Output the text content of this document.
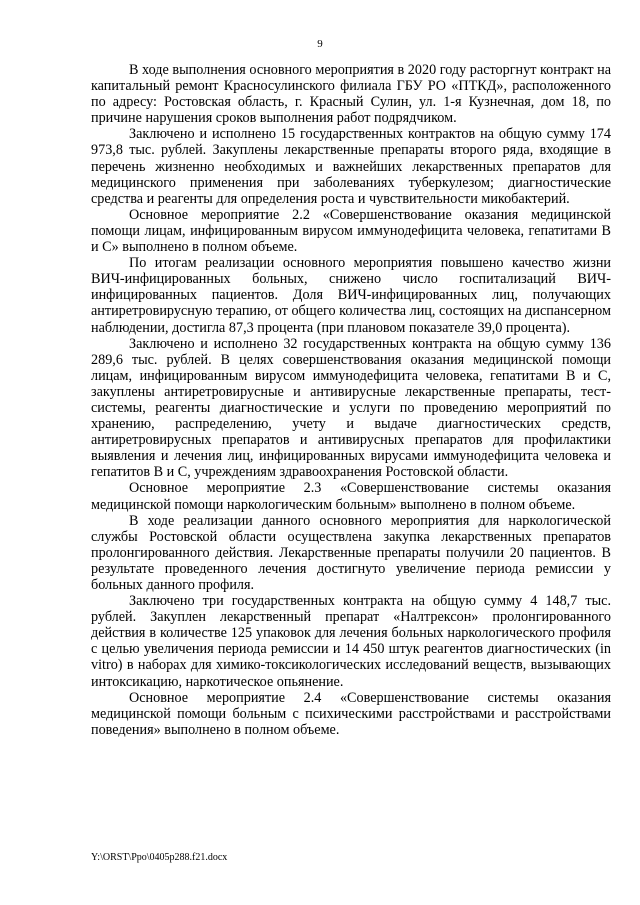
9

В ходе выполнения основного мероприятия в 2020 году расторгнут контракт на капитальный ремонт Красносулинского филиала ГБУ РО «ПТКД», расположенного по адресу: Ростовская область, г. Красный Сулин, ул. 1-я Кузнечная, дом 18, по причине нарушения сроков выполнения работ подрядчиком.

Заключено и исполнено 15 государственных контрактов на общую сумму 174 973,8 тыс. рублей. Закуплены лекарственные препараты второго ряда, входящие в перечень жизненно необходимых и важнейших лекарственных препаратов для медицинского применения при заболеваниях туберкулезом; диагностические средства и реагенты для определения роста и чувствительности микобактерий.

Основное мероприятие 2.2 «Совершенствование оказания медицинской помощи лицам, инфицированным вирусом иммунодефицита человека, гепатитами B и C» выполнено в полном объеме.

По итогам реализации основного мероприятия повышено качество жизни ВИЧ-инфицированных больных, снижено число госпитализаций ВИЧ-инфицированных пациентов. Доля ВИЧ-инфицированных лиц, получающих антиретровирусную терапию, от общего количества лиц, состоящих на диспансерном наблюдении, достигла 87,3 процента (при плановом показателе 39,0 процента).

Заключено и исполнено 32 государственных контракта на общую сумму 136 289,6 тыс. рублей. В целях совершенствования оказания медицинской помощи лицам, инфицированным вирусом иммунодефицита человека, гепатитами B и C, закуплены антиретровирусные и антивирусные лекарственные препараты, тест-системы, реагенты диагностические и услуги по проведению мероприятий по хранению, распределению, учету и выдаче диагностических средств, антиретровирусных препаратов и антивирусных препаратов для профилактики выявления и лечения лиц, инфицированных вирусами иммунодефицита человека и гепатитов B и C, учреждениям здравоохранения Ростовской области.

Основное мероприятие 2.3 «Совершенствование системы оказания медицинской помощи наркологическим больным» выполнено в полном объеме.

В ходе реализации данного основного мероприятия для наркологической службы Ростовской области осуществлена закупка лекарственных препаратов пролонгированного действия. Лекарственные препараты получили 20 пациентов. В результате проведенного лечения достигнуто увеличение периода ремиссии у больных данного профиля.

Заключено три государственных контракта на общую сумму 4 148,7 тыс. рублей. Закуплен лекарственный препарат «Налтрексон» пролонгированного действия в количестве 125 упаковок для лечения больных наркологического профиля с целью увеличения периода ремиссии и 14 450 штук реагентов диагностических (in vitro) в наборах для химико-токсикологических исследований веществ, вызывающих интоксикацию, наркотическое опьянение.

Основное мероприятие 2.4 «Совершенствование системы оказания медицинской помощи больным с психическими расстройствами и расстройствами поведения» выполнено в полном объеме.

Y:\ORST\Ppo\0405p288.f21.docx
